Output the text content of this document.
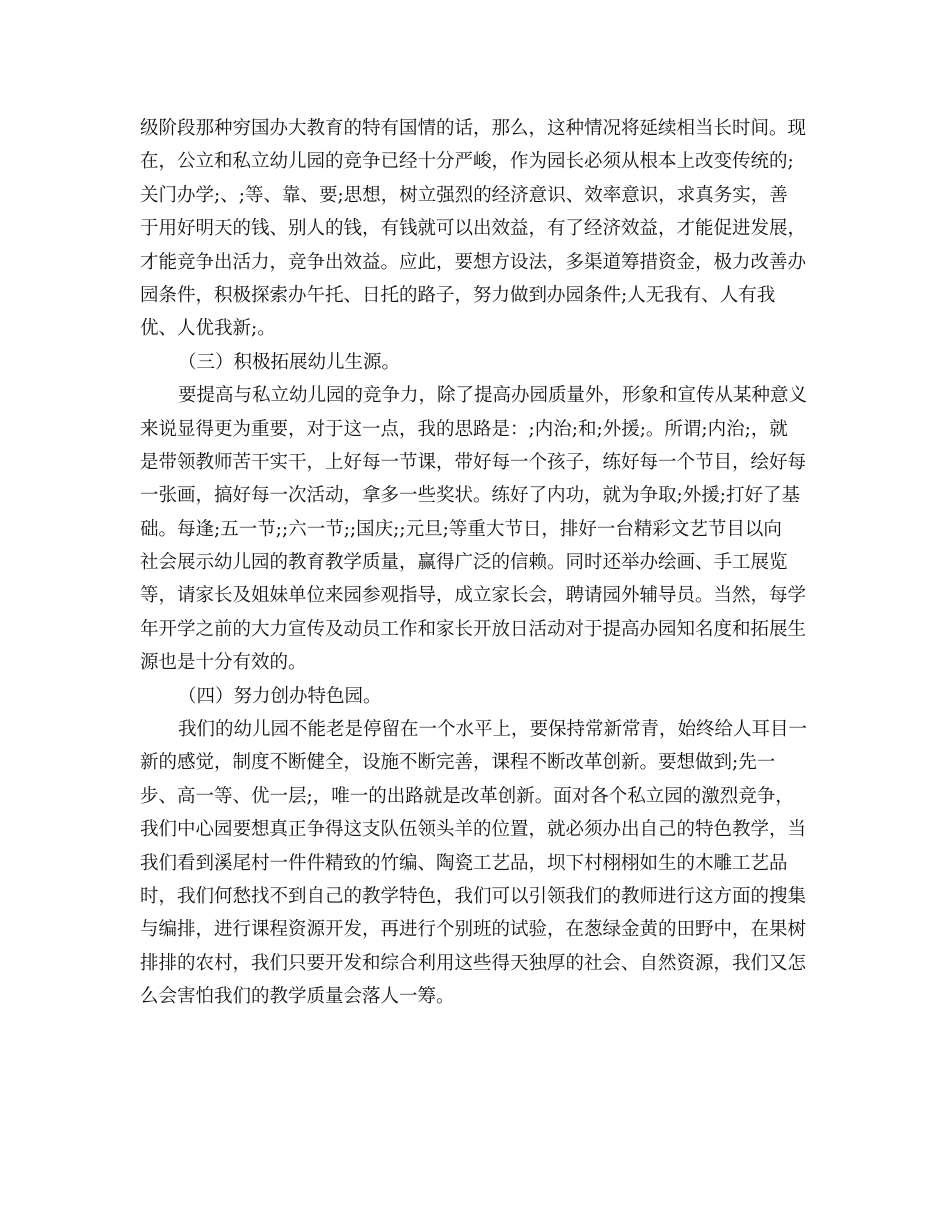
级阶段那种穷国办大教育的特有国情的话，那么，这种情况将延续相当长时间。现
在，公立和私立幼儿园的竞争已经十分严峻，作为园长必须从根本上改变传统的;
关门办学;、;等、靠、要;思想，树立强烈的经济意识、效率意识，求真务实，善
于用好明天的钱、别人的钱，有钱就可以出效益，有了经济效益，才能促进发展，
才能竞争出活力，竞争出效益。应此，要想方设法，多渠道筹措资金，极力改善办
园条件，积极探索办午托、日托的路子，努力做到办园条件;人无我有、人有我
优、人优我新;。
（三）积极拓展幼儿生源。
要提高与私立幼儿园的竞争力，除了提高办园质量外，形象和宣传从某种意义
来说显得更为重要，对于这一点，我的思路是：;内治;和;外援;。所谓;内治;，就
是带领教师苦干实干，上好每一节课，带好每一个孩子，练好每一个节目，绘好每
一张画，搞好每一次活动，拿多一些奖状。练好了内功，就为争取;外援;打好了基
础。每逢;五一节;;六一节;;国庆;;元旦;等重大节日，排好一台精彩文艺节目以向
社会展示幼儿园的教育教学质量，赢得广泛的信赖。同时还举办绘画、手工展览
等，请家长及姐妹单位来园参观指导，成立家长会，聘请园外辅导员。当然，每学
年开学之前的大力宣传及动员工作和家长开放日活动对于提高办园知名度和拓展生
源也是十分有效的。
（四）努力创办特色园。
我们的幼儿园不能老是停留在一个水平上，要保持常新常青，始终给人耳目一
新的感觉，制度不断健全，设施不断完善，课程不断改革创新。要想做到;先一
步、高一等、优一层;，唯一的出路就是改革创新。面对各个私立园的激烈竞争，
我们中心园要想真正争得这支队伍领头羊的位置，就必须办出自己的特色教学，当
我们看到溪尾村一件件精致的竹编、陶瓷工艺品，坝下村栩栩如生的木雕工艺品
时，我们何愁找不到自己的教学特色，我们可以引领我们的教师进行这方面的搜集
与编排，进行课程资源开发，再进行个别班的试验，在葱绿金黄的田野中，在果树
排排的农村，我们只要开发和综合利用这些得天独厚的社会、自然资源，我们又怎
么会害怕我们的教学质量会落人一筹。
